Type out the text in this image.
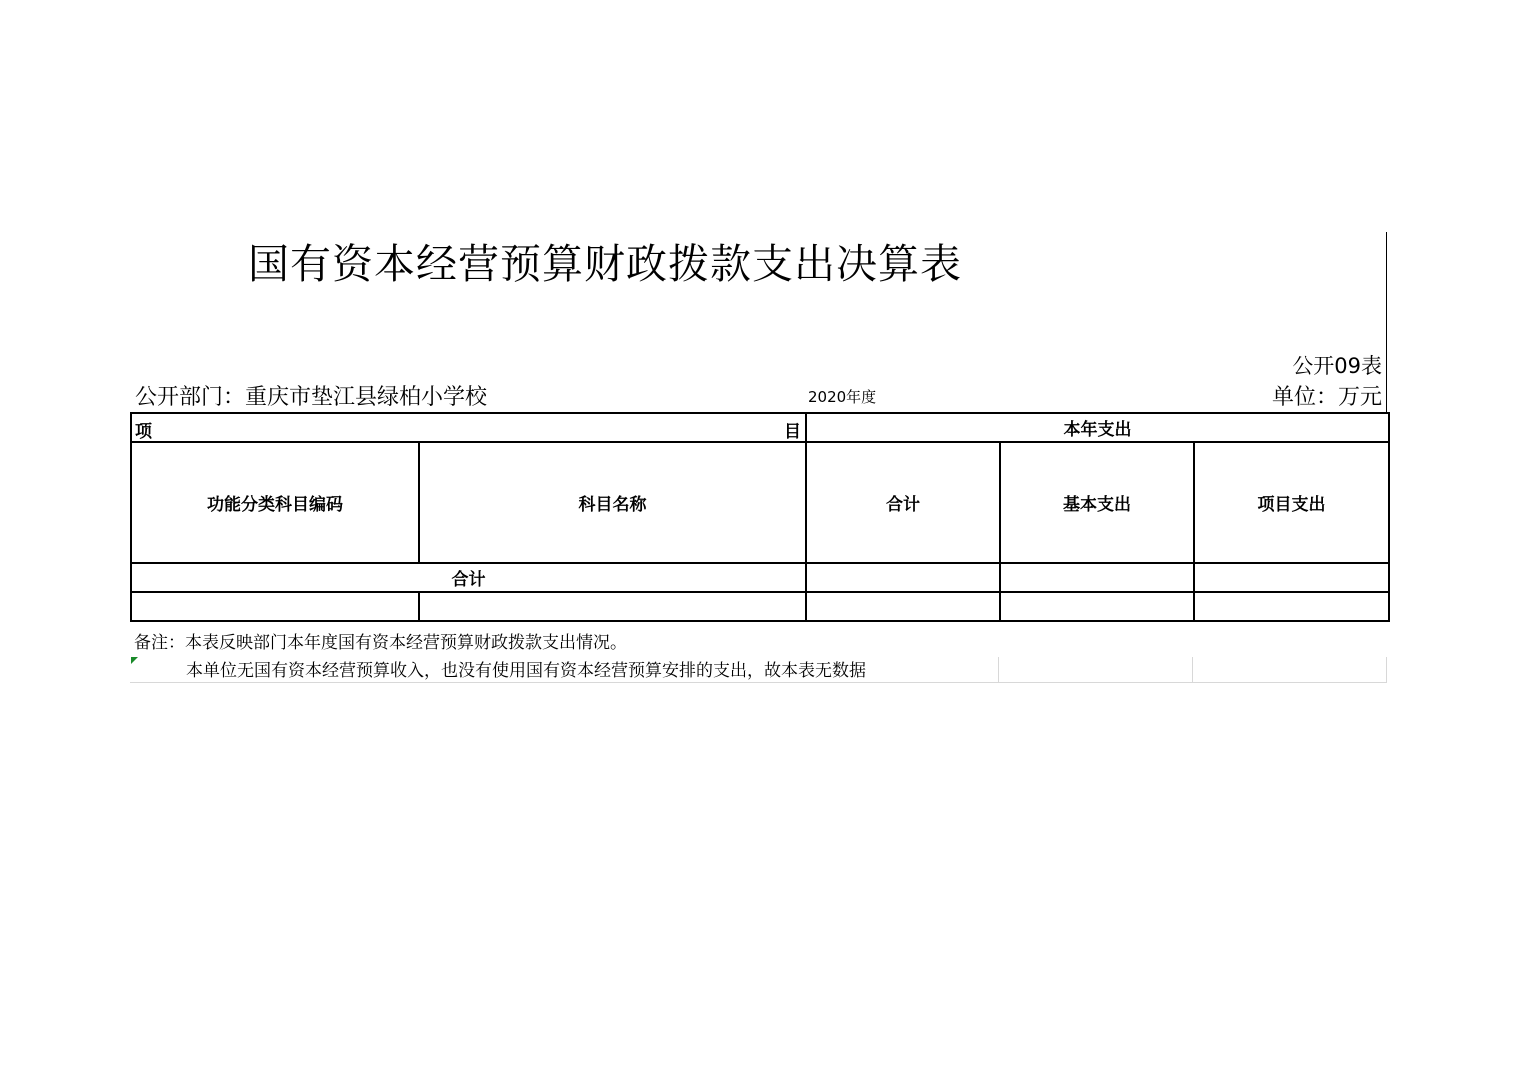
国有资本经营预算财政拨款支出决算表
公开09表
公开部门：重庆市垫江县绿柏小学校	2020年度	单位：万元
项 目		本年支出		
功能分类科目编码	科目名称	合计	基本支出	项目支出
合计				

备注：本表反映部门本年度国有资本经营预算财政拨款支出情况。
本单位无国有资本经营预算收入，也没有使用国有资本经营预算安排的支出，故本表无数据
